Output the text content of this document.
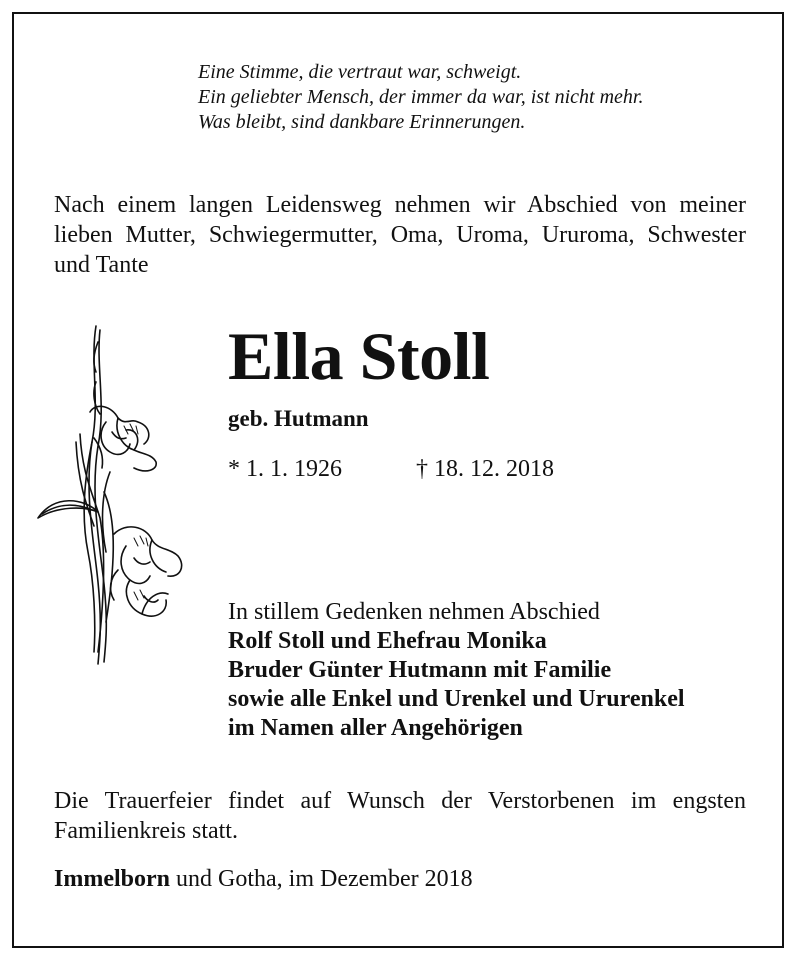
Eine Stimme, die vertraut war, schweigt.
Ein geliebter Mensch, der immer da war, ist nicht mehr.
Was bleibt, sind dankbare Erinnerungen.
Nach einem langen Leidensweg nehmen wir Abschied von meiner lieben Mutter, Schwiegermutter, Oma, Uroma, Ururoma, Schwester und Tante
Ella Stoll
geb. Hutmann
* 1. 1. 1926	† 18. 12. 2018
In stillem Gedenken nehmen Abschied
Rolf Stoll und Ehefrau Monika
Bruder Günter Hutmann mit Familie
sowie alle Enkel und Urenkel und Ururenkel
im Namen aller Angehörigen
Die Trauerfeier findet auf Wunsch der Verstorbenen im engsten Familienkreis statt.
Immelborn und Gotha, im Dezember 2018
